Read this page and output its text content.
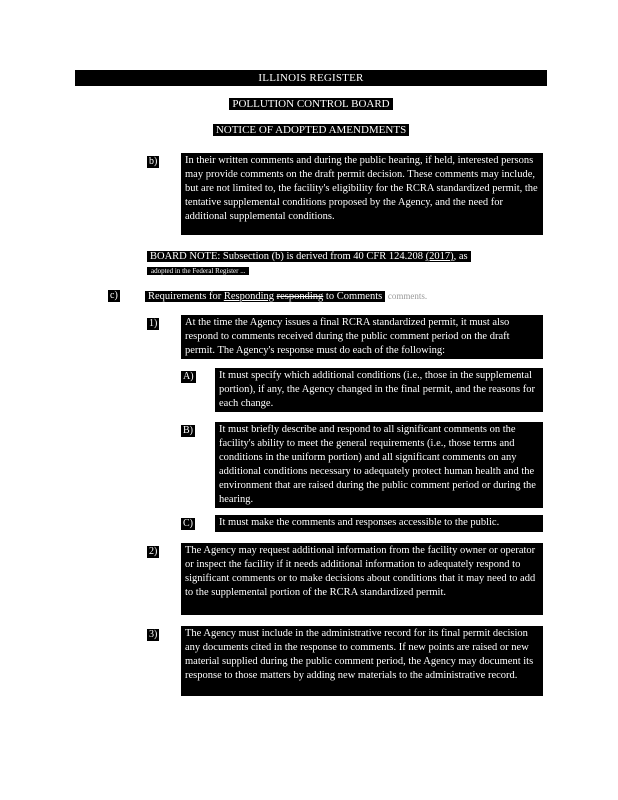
ILLINOIS REGISTER
POLLUTION CONTROL BOARD
NOTICE OF ADOPTED AMENDMENTS
b)	In their written comments and during the public hearing, if held, interested persons may provide comments on the draft permit decision. These comments may include, but are not limited to, the facility's eligibility for the RCRA standardized permit, the tentative supplemental conditions proposed by the Agency, and the need for additional supplemental conditions.
BOARD NOTE: Subsection (b) is derived from 40 CFR 124.208 (2017), as
adopted in the Federal Register ...
c)	Requirements for Responding responding to Comments comments.
1)	At the time the Agency issues a final RCRA standardized permit, it must also respond to comments received during the public comment period on the draft permit. The Agency's response must do each of the following:
A)	It must specify which additional conditions (i.e., those in the supplemental portion), if any, the Agency changed in the final permit, and the reasons for each change.
B)	It must briefly describe and respond to all significant comments on the facility's ability to meet the general requirements (i.e., those terms and conditions in the uniform portion) and all significant comments on any additional conditions necessary to adequately protect human health and the environment that are raised during the public comment period or during the hearing.
C)	It must make the comments and responses accessible to the public.
2)	The Agency may request additional information from the facility owner or operator or inspect the facility if it needs additional information to adequately respond to significant comments or to make decisions about conditions that it may need to add to the supplemental portion of the RCRA standardized permit.
3)	The Agency must include in the administrative record for its final permit decision any documents cited in the response to comments. If new points are raised or new material supplied during the public comment period, the Agency may document its response to those matters by adding new materials to the administrative record.
